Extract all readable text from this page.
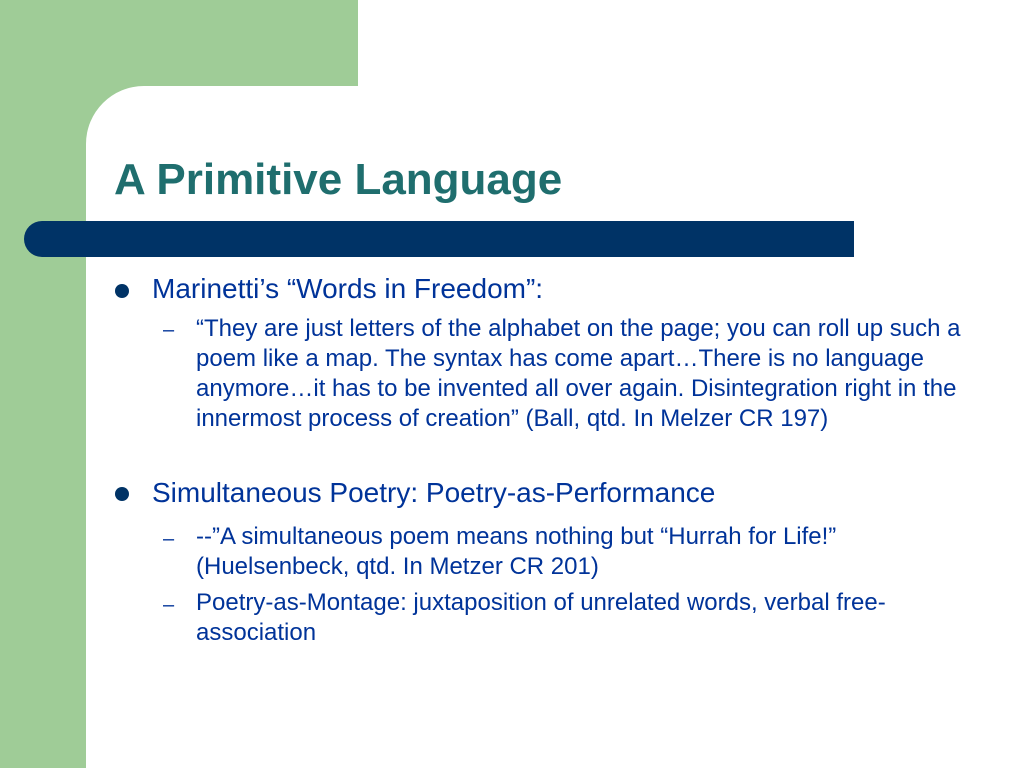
A Primitive Language

Marinetti’s “Words in Freedom”:

– “They are just letters of the alphabet on the page; you can roll up such a poem like a map. The syntax has come apart…There is no language anymore…it has to be invented all over again. Disintegration right in the innermost process of creation” (Ball, qtd. In Melzer CR 197)

Simultaneous Poetry: Poetry-as-Performance

– --”A simultaneous poem means nothing but “Hurrah for Life!” (Huelsenbeck, qtd. In Metzer CR 201)

– Poetry-as-Montage: juxtaposition of unrelated words, verbal free-association
